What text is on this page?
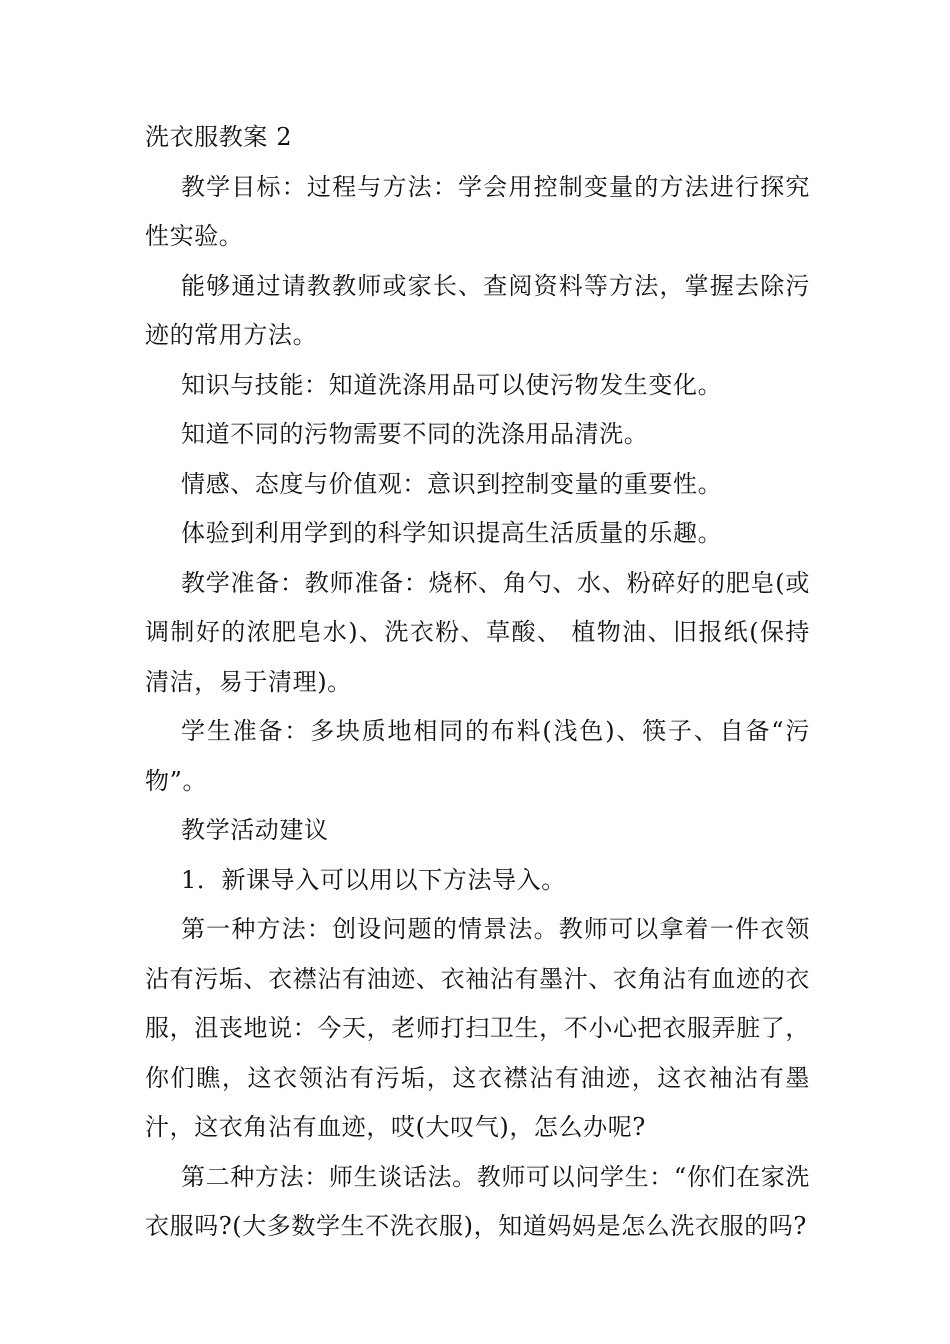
洗衣服教案 2

教学目标：过程与方法：学会用控制变量的方法进行探究性实验。

能够通过请教教师或家长、查阅资料等方法，掌握去除污迹的常用方法。

知识与技能：知道洗涤用品可以使污物发生变化。

知道不同的污物需要不同的洗涤用品清洗。

情感、态度与价值观：意识到控制变量的重要性。

体验到利用学到的科学知识提高生活质量的乐趣。

教学准备：教师准备：烧杯、角勺、水、粉碎好的肥皂(或调制好的浓肥皂水)、洗衣粉、草酸、 植物油、旧报纸(保持清洁，易于清理)。

学生准备：多块质地相同的布料(浅色)、筷子、自备“污物”。

教学活动建议

1．新课导入可以用以下方法导入。

第一种方法：创设问题的情景法。教师可以拿着一件衣领沾有污垢、衣襟沾有油迹、衣袖沾有墨汁、衣角沾有血迹的衣服，沮丧地说：今天，老师打扫卫生，不小心把衣服弄脏了，你们瞧，这衣领沾有污垢，这衣襟沾有油迹，这衣袖沾有墨汁，这衣角沾有血迹，哎(大叹气)，怎么办呢?

第二种方法：师生谈话法。教师可以问学生：“你们在家洗衣服吗?(大多数学生不洗衣服)，知道妈妈是怎么洗衣服的吗?
